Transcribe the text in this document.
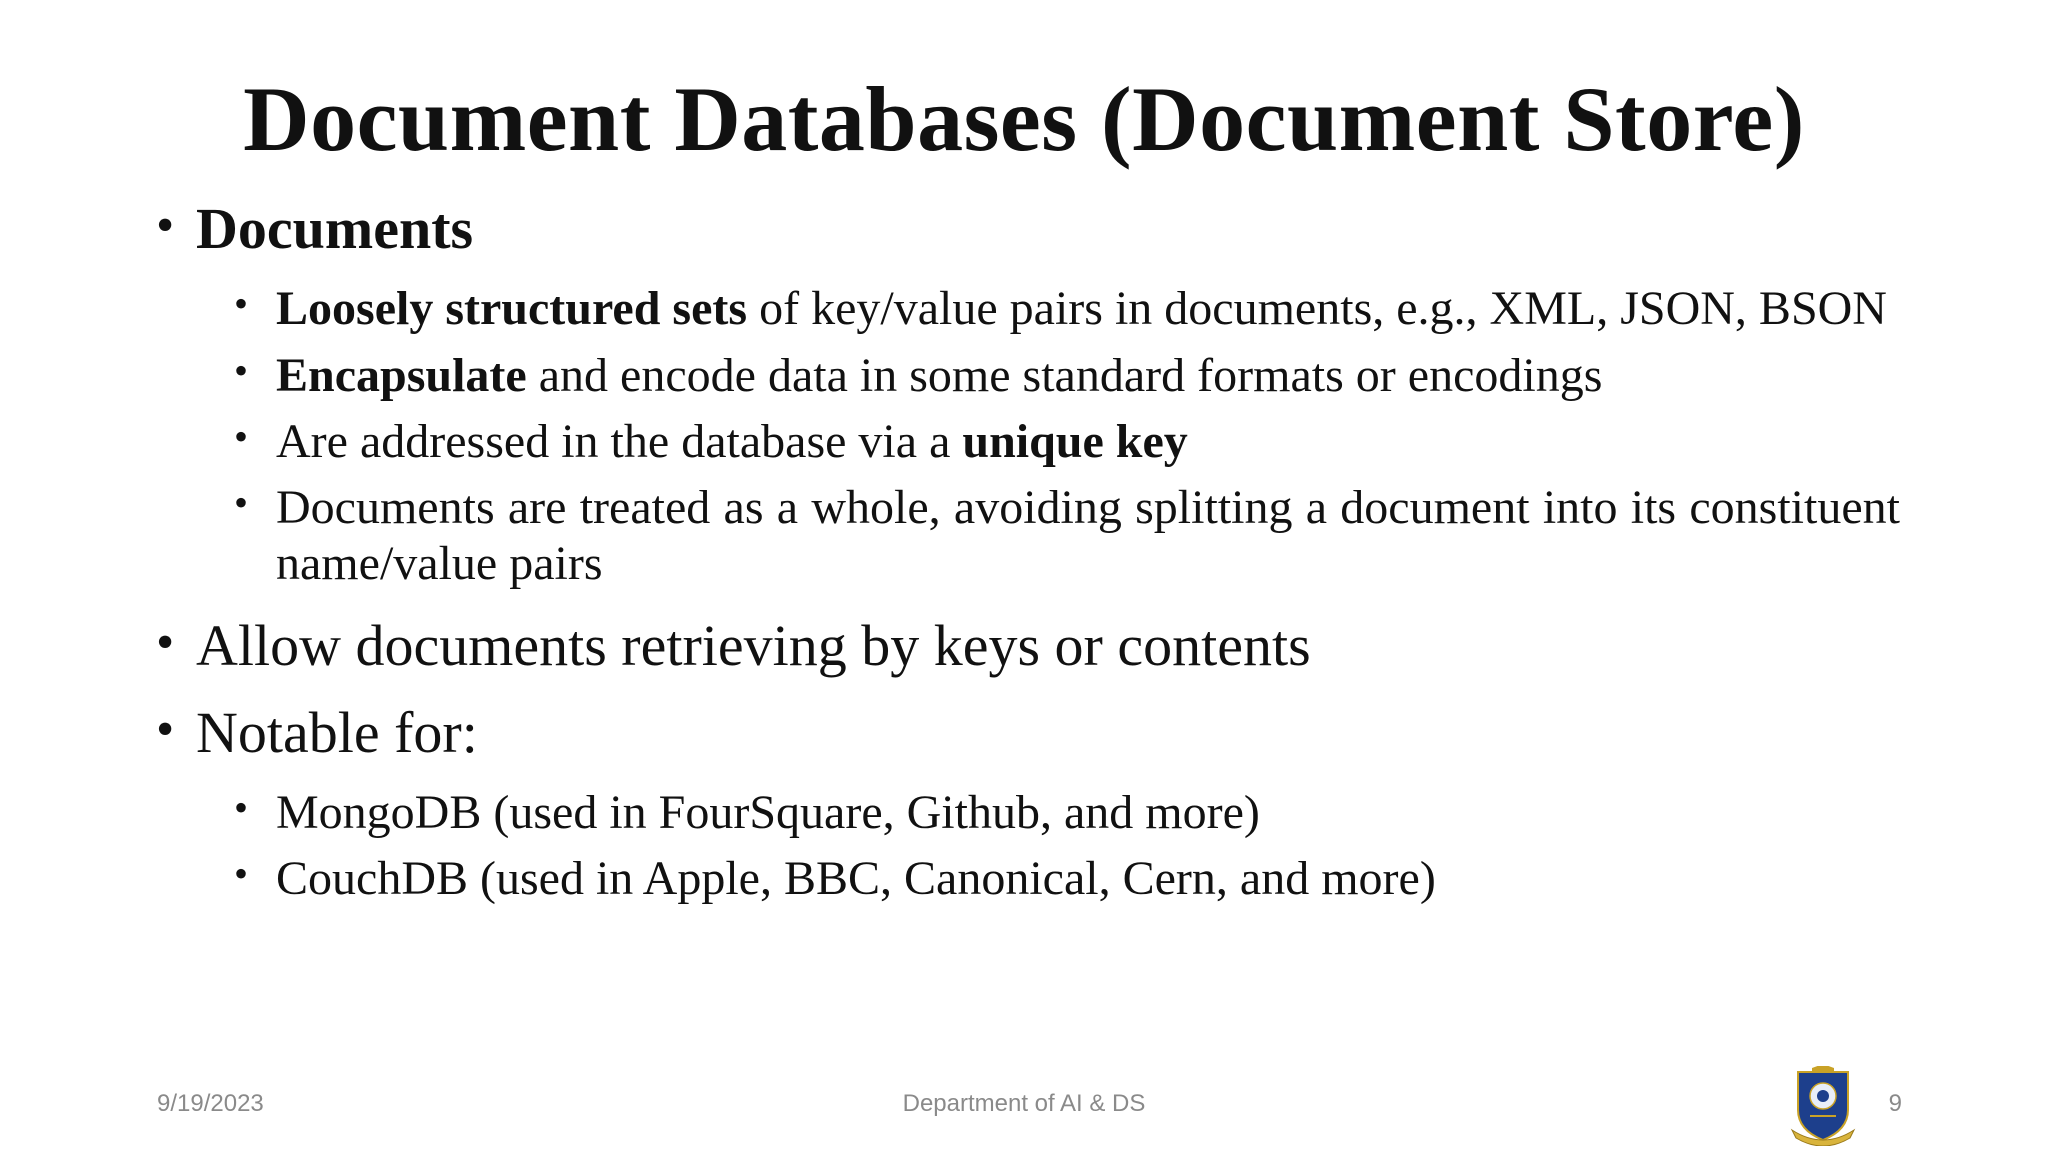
Document Databases (Document Store)
• Documents
• Loosely structured sets of key/value pairs in documents, e.g., XML, JSON, BSON
• Encapsulate and encode data in some standard formats or encodings
• Are addressed in the database via a unique key
• Documents are treated as a whole, avoiding splitting a document into its constituent name/value pairs
• Allow documents retrieving by keys or contents
• Notable for:
• MongoDB (used in FourSquare, Github, and more)
• CouchDB (used in Apple, BBC, Canonical, Cern, and more)
9/19/2023	Department of AI & DS	9
